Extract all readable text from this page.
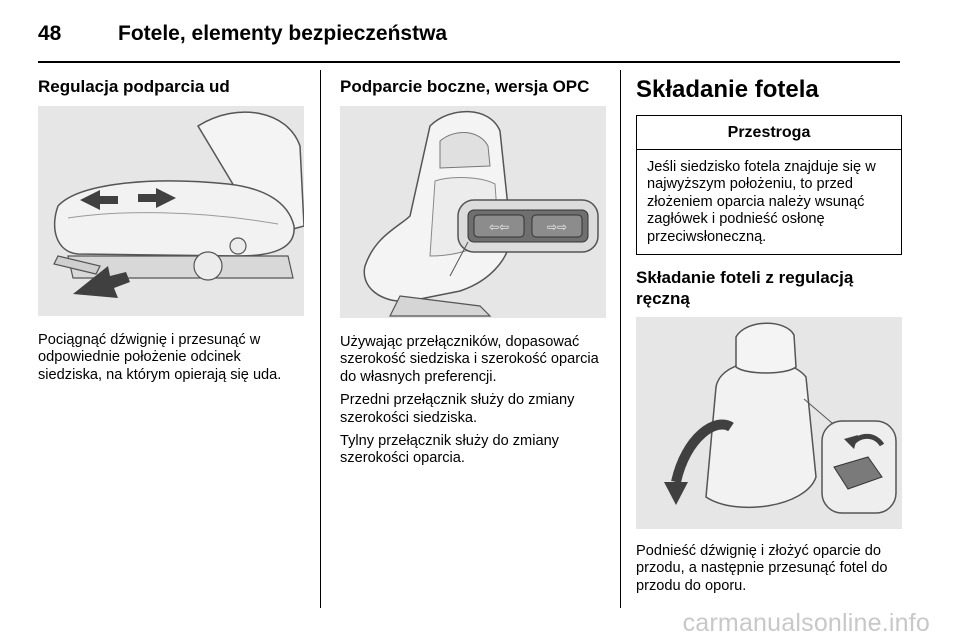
48	Fotele, elementy bezpieczeństwa
Regulacja podparcia ud

Pociągnąć dźwignię i przesunąć w odpowiednie położenie odcinek siedziska, na którym opierają się uda.

Podparcie boczne, wersja OPC
⇦⇦	⇨⇨

Używając przełączników, dopasować szerokość siedziska i szerokość oparcia do własnych preferencji.

Przedni przełącznik służy do zmiany szerokości siedziska.

Tylny przełącznik służy do zmiany szerokości oparcia.

Składanie fotela
Przestroga
Jeśli siedzisko fotela znajduje się w najwyższym położeniu, to przed złożeniem oparcia należy wsunąć zagłówek i podnieść osłonę przeciwsłoneczną.
Składanie foteli z regulacją ręczną

Podnieść dźwignię i złożyć oparcie do przodu, a następnie przesunąć fotel do przodu do oporu.

carmanualsonline.info
